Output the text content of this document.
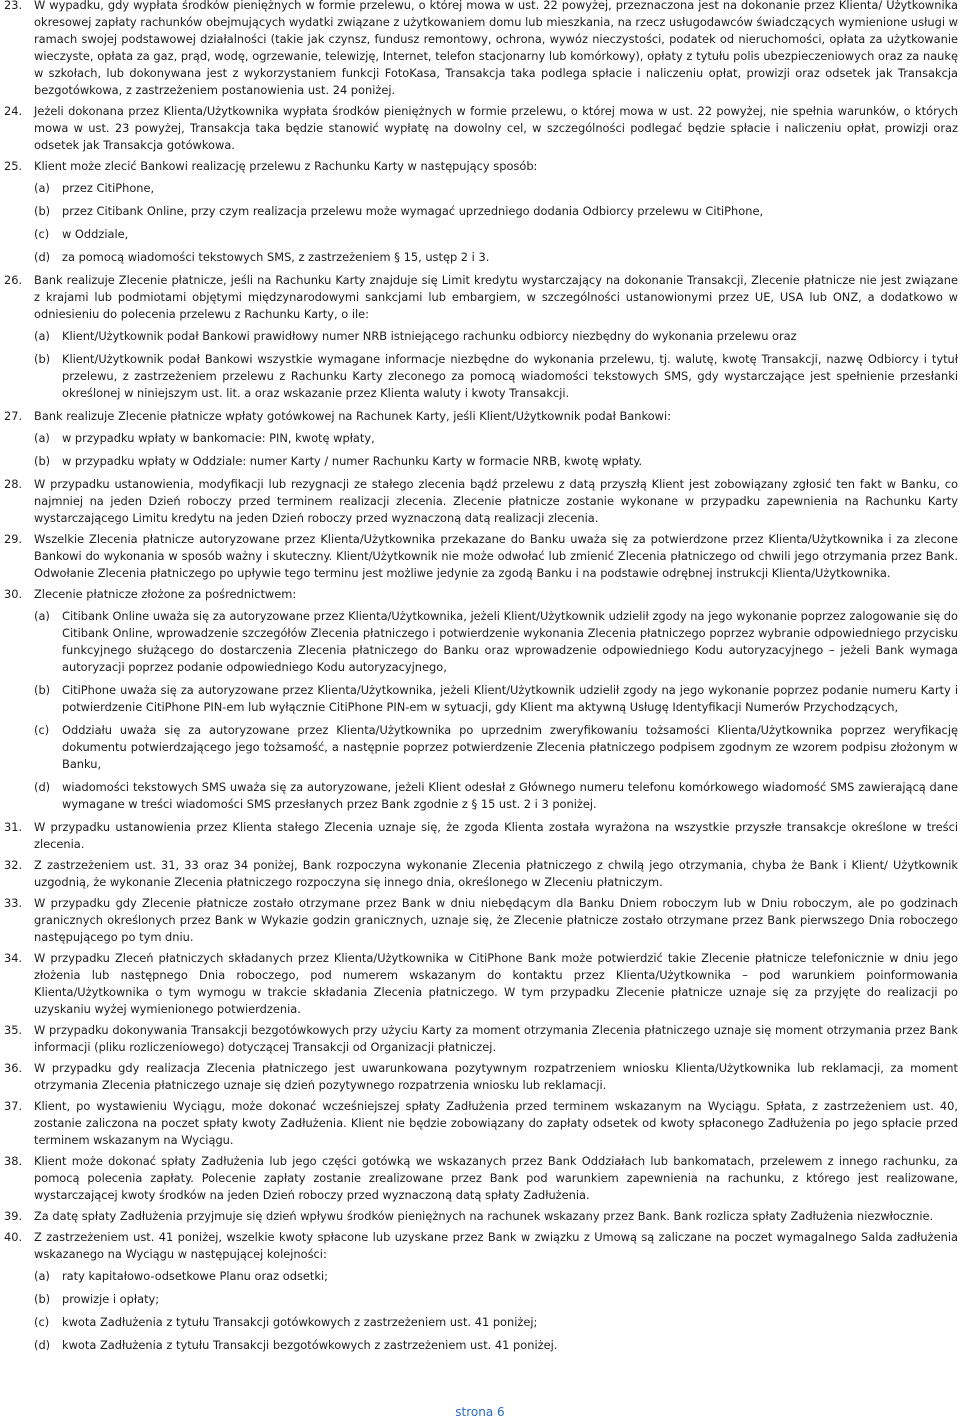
23.	W wypadku, gdy wypłata środków pieniężnych w formie przelewu, o której mowa w ust. 22 powyżej, przeznaczona jest na dokonanie przez Klienta/ Użytkownika okresowej zapłaty rachunków obejmujących wydatki związane z użytkowaniem domu lub mieszkania, na rzecz usługodawców świadczących wymienione usługi w ramach swojej podstawowej działalności (takie jak czynsz, fundusz remontowy, ochrona, wywóz nieczystości, podatek od nieruchomości, opłata za użytkowanie wieczyste, opłata za gaz, prąd, wodę, ogrzewanie, telewizję, Internet, telefon stacjonarny lub komórkowy), opłaty z tytułu polis ubezpieczeniowych oraz za naukę w szkołach, lub dokonywana jest z wykorzystaniem funkcji FotoKasa, Transakcja taka podlega spłacie i naliczeniu opłat, prowizji oraz odsetek jak Transakcja bezgotówkowa, z zastrzeżeniem postanowienia ust. 24 poniżej.
24.	Jeżeli dokonana przez Klienta/Użytkownika wypłata środków pieniężnych w formie przelewu, o której mowa w ust. 22 powyżej, nie spełnia warunków, o których mowa w ust. 23 powyżej, Transakcja taka będzie stanowić wypłatę na dowolny cel, w szczególności podlegać będzie spłacie i naliczeniu opłat, prowizji oraz odsetek jak Transakcja gotówkowa.
25.	Klient może zlecić Bankowi realizację przelewu z Rachunku Karty w następujący sposób:
(a) przez CitiPhone,
(b) przez Citibank Online, przy czym realizacja przelewu może wymagać uprzedniego dodania Odbiorcy przelewu w CitiPhone,
(c) w Oddziale,
(d) za pomocą wiadomości tekstowych SMS, z zastrzeżeniem § 15, ustęp 2 i 3.
26.	Bank realizuje Zlecenie płatnicze, jeśli na Rachunku Karty znajduje się Limit kredytu wystarczający na dokonanie Transakcji, Zlecenie płatnicze nie jest związane z krajami lub podmiotami objętymi międzynarodowymi sankcjami lub embargiem, w szczególności ustanowionymi przez UE, USA lub ONZ, a dodatkowo w odniesieniu do polecenia przelewu z Rachunku Karty, o ile:
(a) Klient/Użytkownik podał Bankowi prawidłowy numer NRB istniejącego rachunku odbiorcy niezbędny do wykonania przelewu oraz
(b) Klient/Użytkownik podał Bankowi wszystkie wymagane informacje niezbędne do wykonania przelewu, tj. walutę, kwotę Transakcji, nazwę Odbiorcy i tytuł przelewu, z zastrzeżeniem przelewu z Rachunku Karty zleconego za pomocą wiadomości tekstowych SMS, gdy wystarczające jest spełnienie przesłanki określonej w niniejszym ust. lit. a oraz wskazanie przez Klienta waluty i kwoty Transakcji.
27.	Bank realizuje Zlecenie płatnicze wpłaty gotówkowej na Rachunek Karty, jeśli Klient/Użytkownik podał Bankowi:
(a) w przypadku wpłaty w bankomacie: PIN, kwotę wpłaty,
(b) w przypadku wpłaty w Oddziale: numer Karty / numer Rachunku Karty w formacie NRB, kwotę wpłaty.
28.	W przypadku ustanowienia, modyfikacji lub rezygnacji ze stałego zlecenia bądź przelewu z datą przyszłą Klient jest zobowiązany zgłosić ten fakt w Banku, co najmniej na jeden Dzień roboczy przed terminem realizacji zlecenia. Zlecenie płatnicze zostanie wykonane w przypadku zapewnienia na Rachunku Karty wystarczającego Limitu kredytu na jeden Dzień roboczy przed wyznaczoną datą realizacji zlecenia.
29.	Wszelkie Zlecenia płatnicze autoryzowane przez Klienta/Użytkownika przekazane do Banku uważa się za potwierdzone przez Klienta/Użytkownika i za zlecone Bankowi do wykonania w sposób ważny i skuteczny. Klient/Użytkownik nie może odwołać lub zmienić Zlecenia płatniczego od chwili jego otrzymania przez Bank. Odwołanie Zlecenia płatniczego po upływie tego terminu jest możliwe jedynie za zgodą Banku i na podstawie odrębnej instrukcji Klienta/Użytkownika.
30.	Zlecenie płatnicze złożone za pośrednictwem:
(a) Citibank Online uważa się za autoryzowane przez Klienta/Użytkownika, jeżeli Klient/Użytkownik udzielił zgody na jego wykonanie poprzez zalogowanie się do Citibank Online, wprowadzenie szczegółów Zlecenia płatniczego i potwierdzenie wykonania Zlecenia płatniczego poprzez wybranie odpowiedniego przycisku funkcyjnego służącego do dostarczenia Zlecenia płatniczego do Banku oraz wprowadzenie odpowiedniego Kodu autoryzacyjnego – jeżeli Bank wymaga autoryzacji poprzez podanie odpowiedniego Kodu autoryzacyjnego,
(b) CitiPhone uważa się za autoryzowane przez Klienta/Użytkownika, jeżeli Klient/Użytkownik udzielił zgody na jego wykonanie poprzez podanie numeru Karty i potwierdzenie CitiPhone PIN-em lub wyłącznie CitiPhone PIN-em w sytuacji, gdy Klient ma aktywną Usługę Identyfikacji Numerów Przychodzących,
(c) Oddziału uważa się za autoryzowane przez Klienta/Użytkownika po uprzednim zweryfikowaniu tożsamości Klienta/Użytkownika poprzez weryfikację dokumentu potwierdzającego jego tożsamość, a następnie poprzez potwierdzenie Zlecenia płatniczego podpisem zgodnym ze wzorem podpisu złożonym w Banku,
(d) wiadomości tekstowych SMS uważa się za autoryzowane, jeżeli Klient odesłał z Głównego numeru telefonu komórkowego wiadomość SMS zawierającą dane wymagane w treści wiadomości SMS przesłanych przez Bank zgodnie z § 15 ust. 2 i 3 poniżej.
31.	W przypadku ustanowienia przez Klienta stałego Zlecenia uznaje się, że zgoda Klienta została wyrażona na wszystkie przyszłe transakcje określone w treści zlecenia.
32.	Z zastrzeżeniem ust. 31, 33 oraz 34 poniżej, Bank rozpoczyna wykonanie Zlecenia płatniczego z chwilą jego otrzymania, chyba że Bank i Klient/ Użytkownik uzgodnią, że wykonanie Zlecenia płatniczego rozpoczyna się innego dnia, określonego w Zleceniu płatniczym.
33.	W przypadku gdy Zlecenie płatnicze zostało otrzymane przez Bank w dniu niebędącym dla Banku Dniem roboczym lub w Dniu roboczym, ale po godzinach granicznych określonych przez Bank w Wykazie godzin granicznych, uznaje się, że Zlecenie płatnicze zostało otrzymane przez Bank pierwszego Dnia roboczego następującego po tym dniu.
34.	W przypadku Zleceń płatniczych składanych przez Klienta/Użytkownika w CitiPhone Bank może potwierdzić takie Zlecenie płatnicze telefonicznie w dniu jego złożenia lub następnego Dnia roboczego, pod numerem wskazanym do kontaktu przez Klienta/Użytkownika – pod warunkiem poinformowania Klienta/Użytkownika o tym wymogu w trakcie składania Zlecenia płatniczego. W tym przypadku Zlecenie płatnicze uznaje się za przyjęte do realizacji po uzyskaniu wyżej wymienionego potwierdzenia.
35.	W przypadku dokonywania Transakcji bezgotówkowych przy użyciu Karty za moment otrzymania Zlecenia płatniczego uznaje się moment otrzymania przez Bank informacji (pliku rozliczeniowego) dotyczącej Transakcji od Organizacji płatniczej.
36.	W przypadku gdy realizacja Zlecenia płatniczego jest uwarunkowana pozytywnym rozpatrzeniem wniosku Klienta/Użytkownika lub reklamacji, za moment otrzymania Zlecenia płatniczego uznaje się dzień pozytywnego rozpatrzenia wniosku lub reklamacji.
37.	Klient, po wystawieniu Wyciągu, może dokonać wcześniejszej spłaty Zadłużenia przed terminem wskazanym na Wyciągu. Spłata, z zastrzeżeniem ust. 40, zostanie zaliczona na poczet spłaty kwoty Zadłużenia. Klient nie będzie zobowiązany do zapłaty odsetek od kwoty spłaconego Zadłużenia po jego spłacie przed terminem wskazanym na Wyciągu.
38.	Klient może dokonać spłaty Zadłużenia lub jego części gotówką we wskazanych przez Bank Oddziałach lub bankomatach, przelewem z innego rachunku, za pomocą polecenia zapłaty. Polecenie zapłaty zostanie zrealizowane przez Bank pod warunkiem zapewnienia na rachunku, z którego jest realizowane, wystarczającej kwoty środków na jeden Dzień roboczy przed wyznaczoną datą spłaty Zadłużenia.
39.	Za datę spłaty Zadłużenia przyjmuje się dzień wpływu środków pieniężnych na rachunek wskazany przez Bank. Bank rozlicza spłaty Zadłużenia niezwłocznie.
40.	Z zastrzeżeniem ust. 41 poniżej, wszelkie kwoty spłacone lub uzyskane przez Bank w związku z Umową są zaliczane na poczet wymagalnego Salda zadłużenia wskazanego na Wyciągu w następującej kolejności:
(a) raty kapitałowo-odsetkowe Planu oraz odsetki;
(b) prowizje i opłaty;
(c) kwota Zadłużenia z tytułu Transakcji gotówkowych z zastrzeżeniem ust. 41 poniżej;
(d) kwota Zadłużenia z tytułu Transakcji bezgotówkowych z zastrzeżeniem ust. 41 poniżej.
strona 6
